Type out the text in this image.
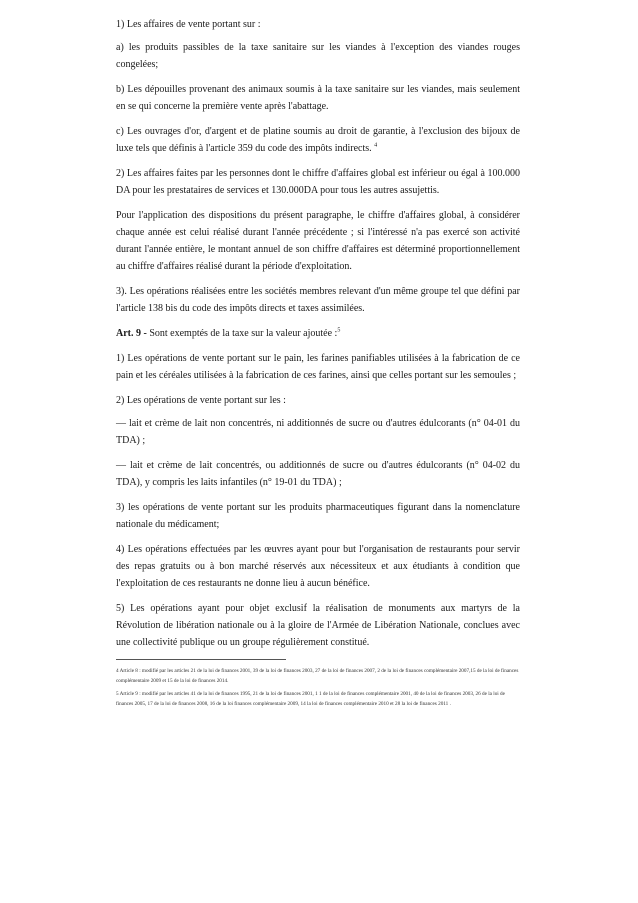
1) Les affaires de vente portant sur :

a) les produits passibles de la taxe sanitaire sur les viandes à l'exception des viandes rouges congelées;

b) Les dépouilles provenant des animaux soumis à la taxe sanitaire sur les viandes, mais seulement en se qui concerne la première vente après l'abattage.

c) Les ouvrages d'or, d'argent et de platine soumis au droit de garantie, à l'exclusion des bijoux de luxe tels que définis à l'article 359 du code des impôts indirects. $^4$

2) Les affaires faites par les personnes dont le chiffre d'affaires global est inférieur ou égal à 100.000 DA pour les prestataires de services et 130.000DA pour tous les autres assujettis.

Pour l'application des dispositions du présent paragraphe, le chiffre d'affaires global, à considérer chaque année est celui réalisé durant l'année précédente ; si l'intéressé n'a pas exercé son activité durant l'année entière, le montant annuel de son chiffre d'affaires est déterminé proportionnellement au chiffre d'affaires réalisé durant la période d'exploitation.

3). Les opérations réalisées entre les sociétés membres relevant d'un même groupe tel que défini par l'article 138 bis du code des impôts directs et taxes assimilées.

Art. 9 - Sont exemptés de la taxe sur la valeur ajoutée :$^5$

1) Les opérations de vente portant sur le pain, les farines panifiables utilisées à la fabrication de ce pain et les céréales utilisées à la fabrication de ces farines, ainsi que celles portant sur les semoules ;

2) Les opérations de vente portant sur les :

— lait et crème de lait non concentrés, ni additionnés de sucre ou d'autres édulcorants (n° 04-01 du TDA) ;

— lait et crème de lait concentrés, ou additionnés de sucre ou d'autres édulcorants (n° 04-02 du TDA), y compris les laits infantiles (n° 19-01 du TDA) ;

3) les opérations de vente portant sur les produits pharmaceutiques figurant dans la nomenclature nationale du médicament;

4) Les opérations effectuées par les œuvres ayant pour but l'organisation de restaurants pour servir des repas gratuits ou à bon marché réservés aux nécessiteux et aux étudiants à condition que l'exploitation de ces restaurants ne donne lieu à aucun bénéfice.

5) Les opérations ayant pour objet exclusif la réalisation de monuments aux martyrs de la Révolution de libération nationale ou à la gloire de l'Armée de Libération Nationale, conclues avec une collectivité publique ou un groupe régulièrement constitué.

4 Article 8 : modifié par les articles 21 de la loi de finances 2001, 39 de la loi de finances 2003, 27 de la loi de finances 2007, 2 de la loi de finances complémentaire 2007,15 de la loi de finances complémentaire 2009 et 15 de la loi de finances 2014.

5 Article 9 : modifié par les articles 41 de la loi de finances 1995, 21 de la loi de finances 2001, 1 1 de la loi de finances complémentaire 2001, 40 de la loi de finances 2003, 26 de la loi de finances 2005, 17 de la loi de finances 2008, 16 de la loi finances complémentaire 2009, 14 la loi de finances complémentaire 2010 et 28 la loi de finances 2011 .
